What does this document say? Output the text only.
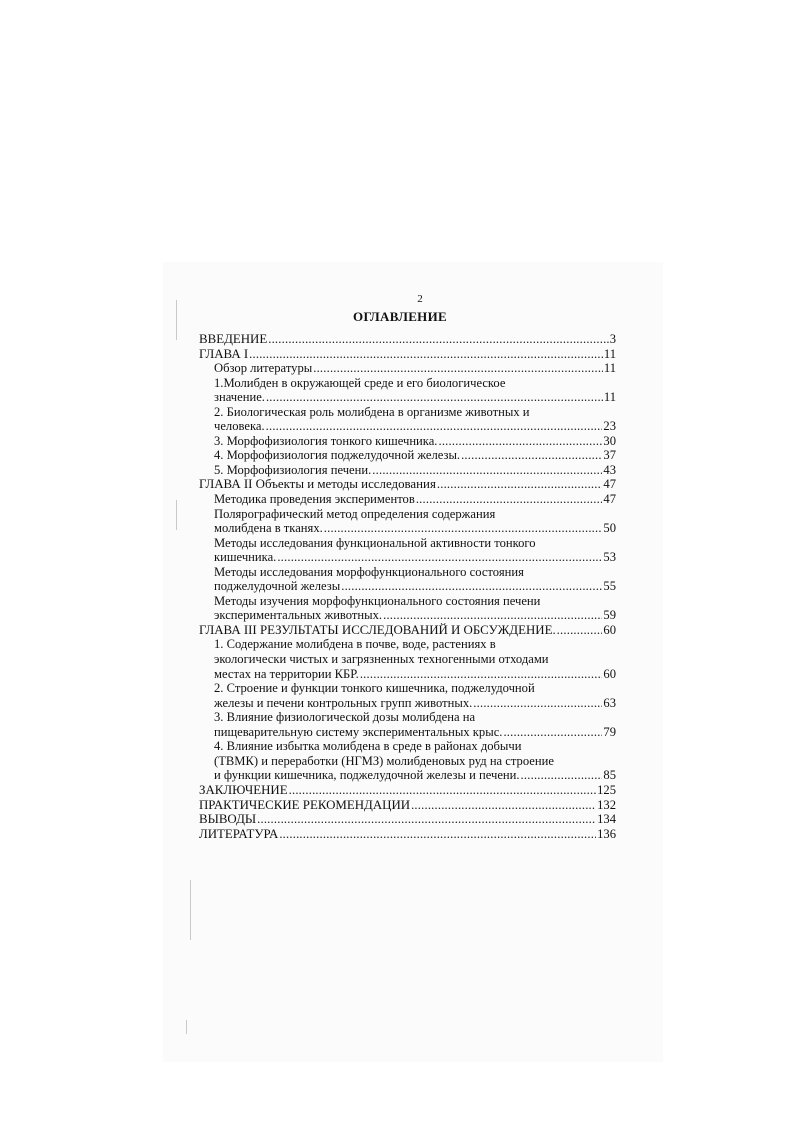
2
ОГЛАВЛЕНИЕ
ВВЕДЕНИЕ .....	3
ГЛАВА I .....	11
Обзор литературы .....	11
1.Молибден в окружающей среде и его биологическое
значение. .....	11
2. Биологическая роль молибдена в организме животных и
человека. .....	23
3. Морфофизиология тонкого кишечника. .....	30
4. Морфофизиология поджелудочной железы. .....	37
5. Морфофизиология печени. .....	43
ГЛАВА II Объекты и методы исследования .....	47
Методика проведения экспериментов .....	47
Полярографический метод определения содержания
молибдена в тканях. .....	50
Методы исследования функциональной активности тонкого
кишечника. .....	53
Методы исследования морфофункционального состояния
поджелудочной железы .....	55
Методы изучения морфофункционального состояния печени
экспериментальных животных. .....	59
ГЛАВА III РЕЗУЛЬТАТЫ ИССЛЕДОВАНИЙ И ОБСУЖДЕНИЕ. .....	60
1. Содержание молибдена в почве, воде, растениях в
экологически чистых и загрязненных техногенными отходами
местах на территории КБР. .....	60
2. Строение и функции тонкого кишечника, поджелудочной
железы и печени контрольных групп животных. .....	63
3. Влияние физиологической дозы молибдена на
пищеварительную систему экспериментальных крыс. .....	79
4. Влияние избытка молибдена в среде в районах добычи
(ТВМК) и переработки (НГМЗ) молибденовых руд на строение
и функции кишечника, поджелудочной железы и печени. .....	85
ЗАКЛЮЧЕНИЕ .....	125
ПРАКТИЧЕСКИЕ РЕКОМЕНДАЦИИ .....	132
ВЫВОДЫ .....	134
ЛИТЕРАТУРА .....	136
